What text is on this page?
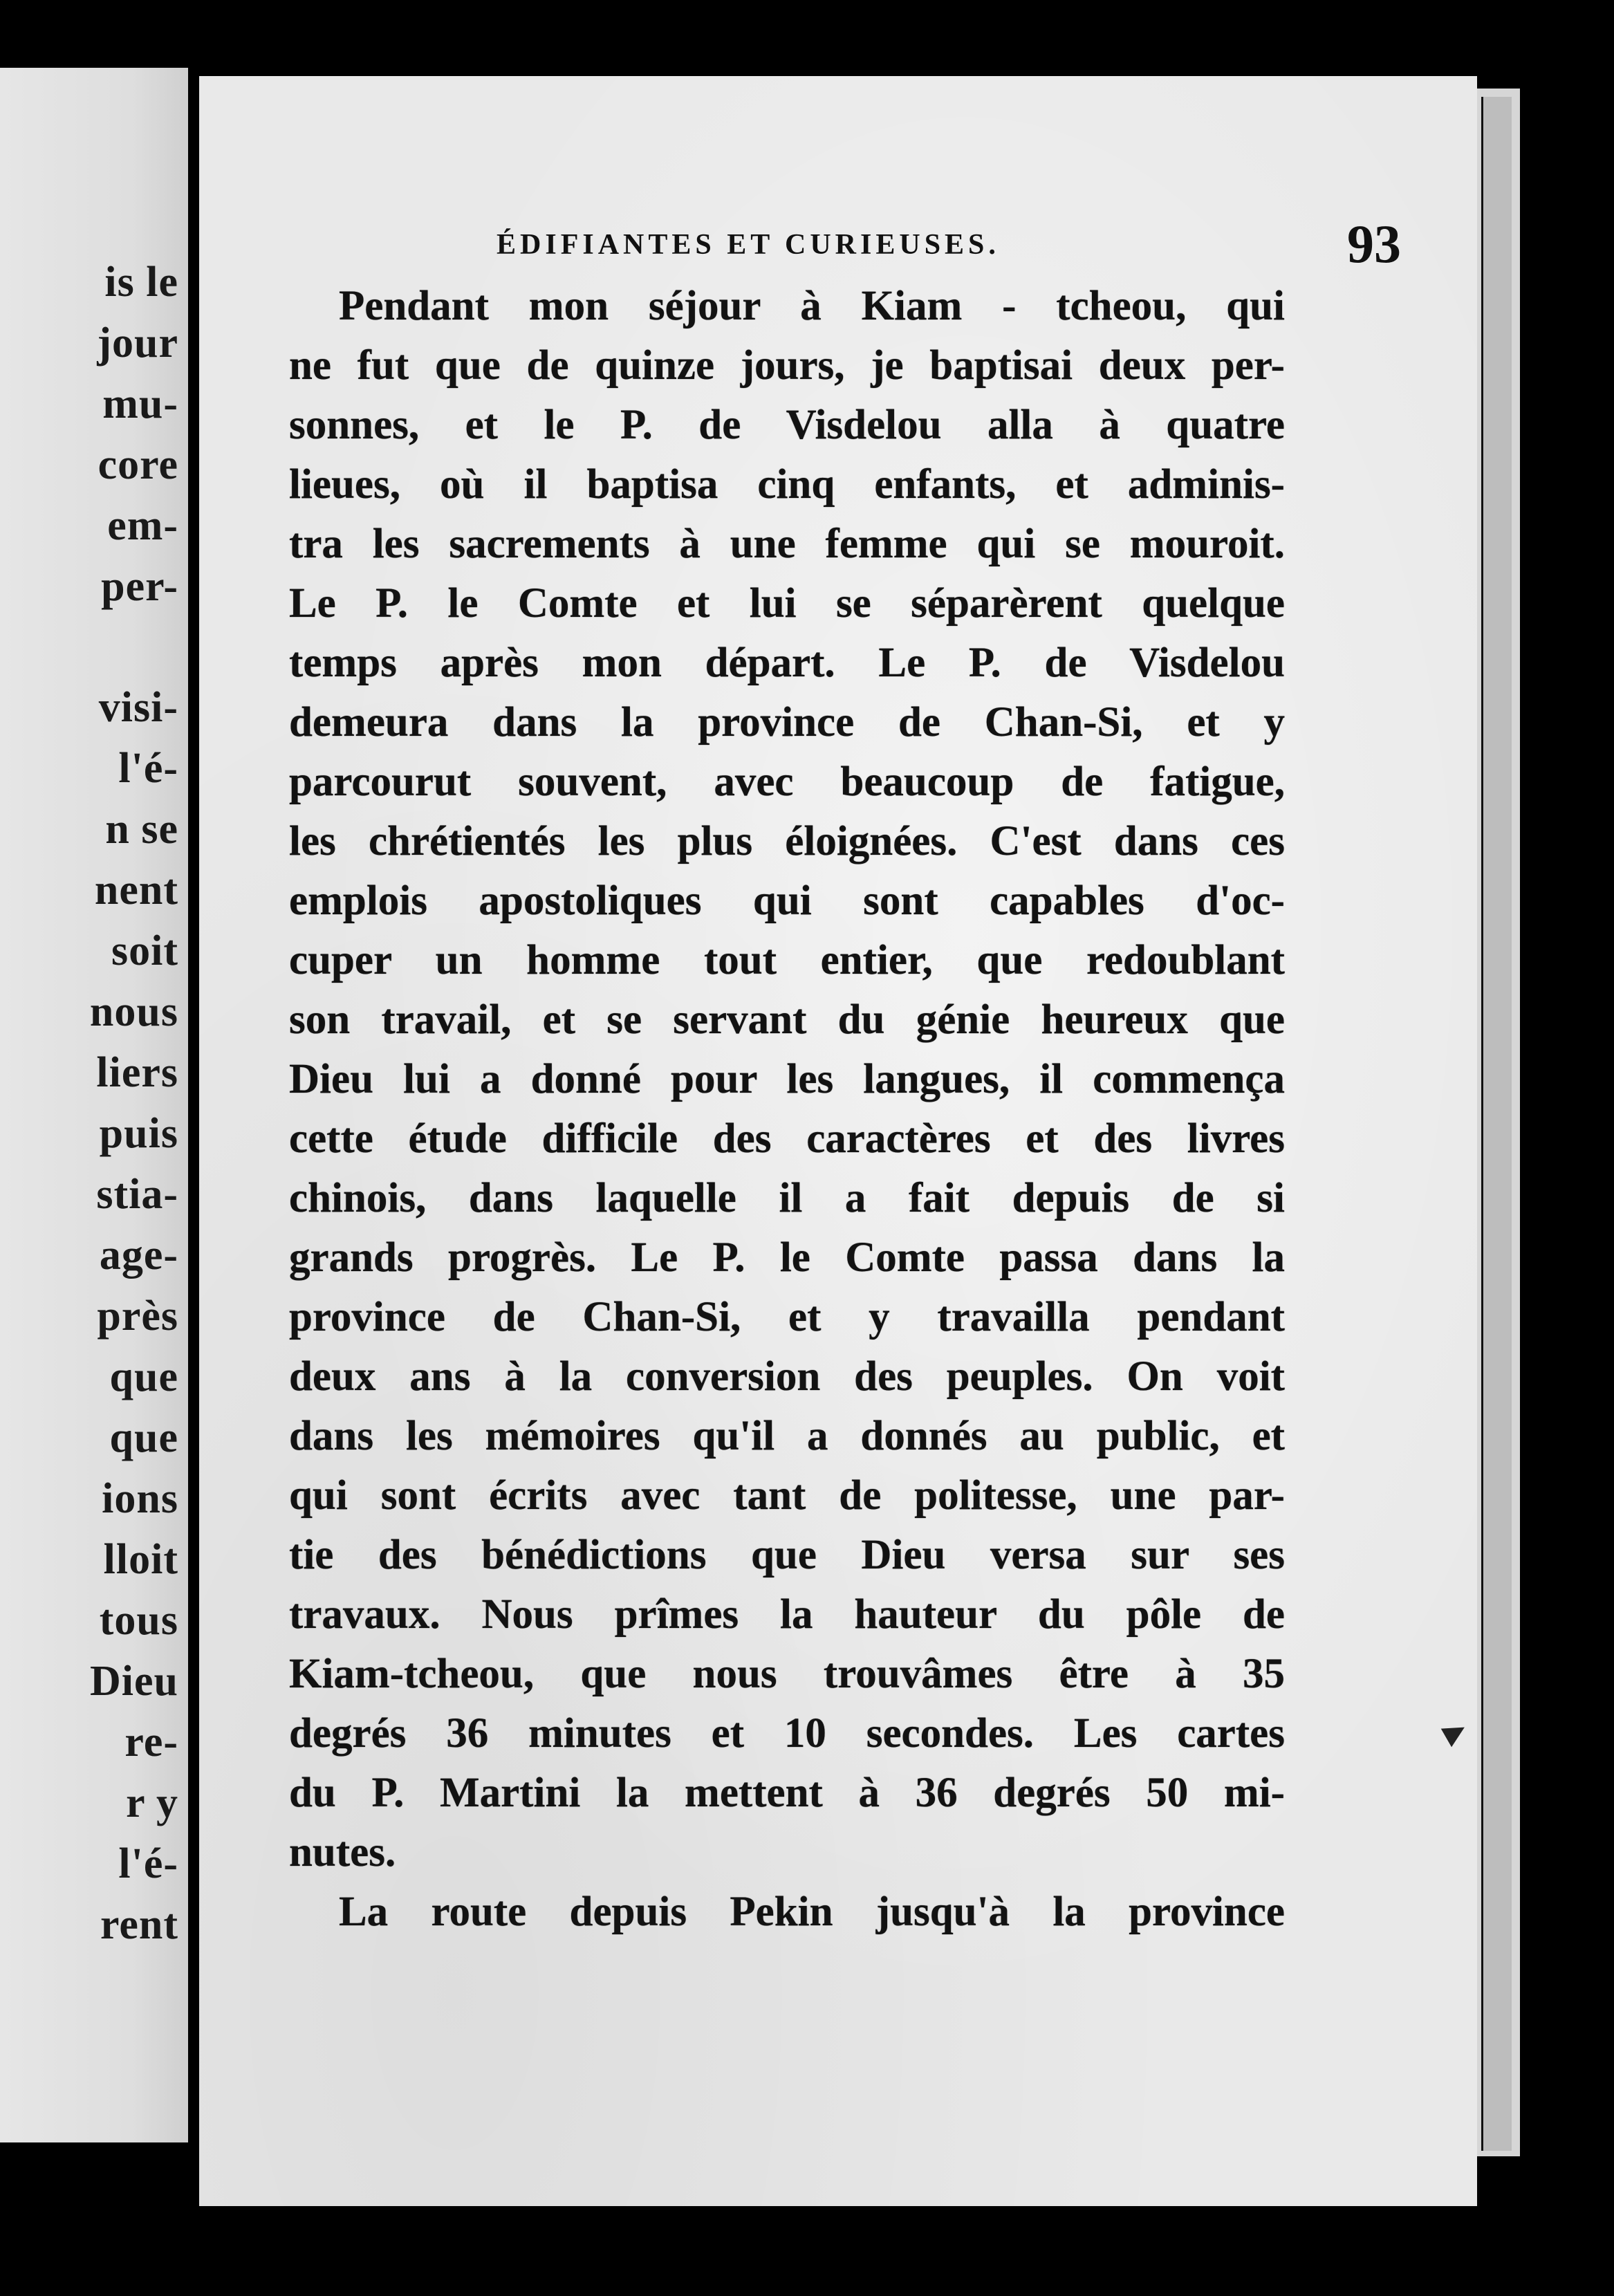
is le
jour
mu-
core
em-
per-
visi-
l'é-
n se
nent
soit
nous
liers
puis
stia-
age-
près
que
que
ions
lloit
tous
Dieu
re-
r y
l'é-
rent
ÉDIFIANTES ET CURIEUSES.	93
Pendant mon séjour à Kiam - tcheou, qui
ne fut que de quinze jours, je baptisai deux per-
sonnes, et le P. de Visdelou alla à quatre
lieues, où il baptisa cinq enfants, et adminis-
tra les sacrements à une femme qui se mouroit.
Le P. le Comte et lui se séparèrent quelque
temps après mon départ. Le P. de Visdelou
demeura dans la province de Chan-Si, et y
parcourut souvent, avec beaucoup de fatigue,
les chrétientés les plus éloignées. C'est dans ces
emplois apostoliques qui sont capables d'oc-
cuper un homme tout entier, que redoublant
son travail, et se servant du génie heureux que
Dieu lui a donné pour les langues, il commença
cette étude difficile des caractères et des livres
chinois, dans laquelle il a fait depuis de si
grands progrès. Le P. le Comte passa dans la
province de Chan-Si, et y travailla pendant
deux ans à la conversion des peuples. On voit
dans les mémoires qu'il a donnés au public, et
qui sont écrits avec tant de politesse, une par-
tie des bénédictions que Dieu versa sur ses
travaux. Nous prîmes la hauteur du pôle de
Kiam-tcheou, que nous trouvâmes être à 35
degrés 36 minutes et 10 secondes. Les cartes
du P. Martini la mettent à 36 degrés 50 mi-
nutes.
La route depuis Pekin jusqu'à la province
▶
